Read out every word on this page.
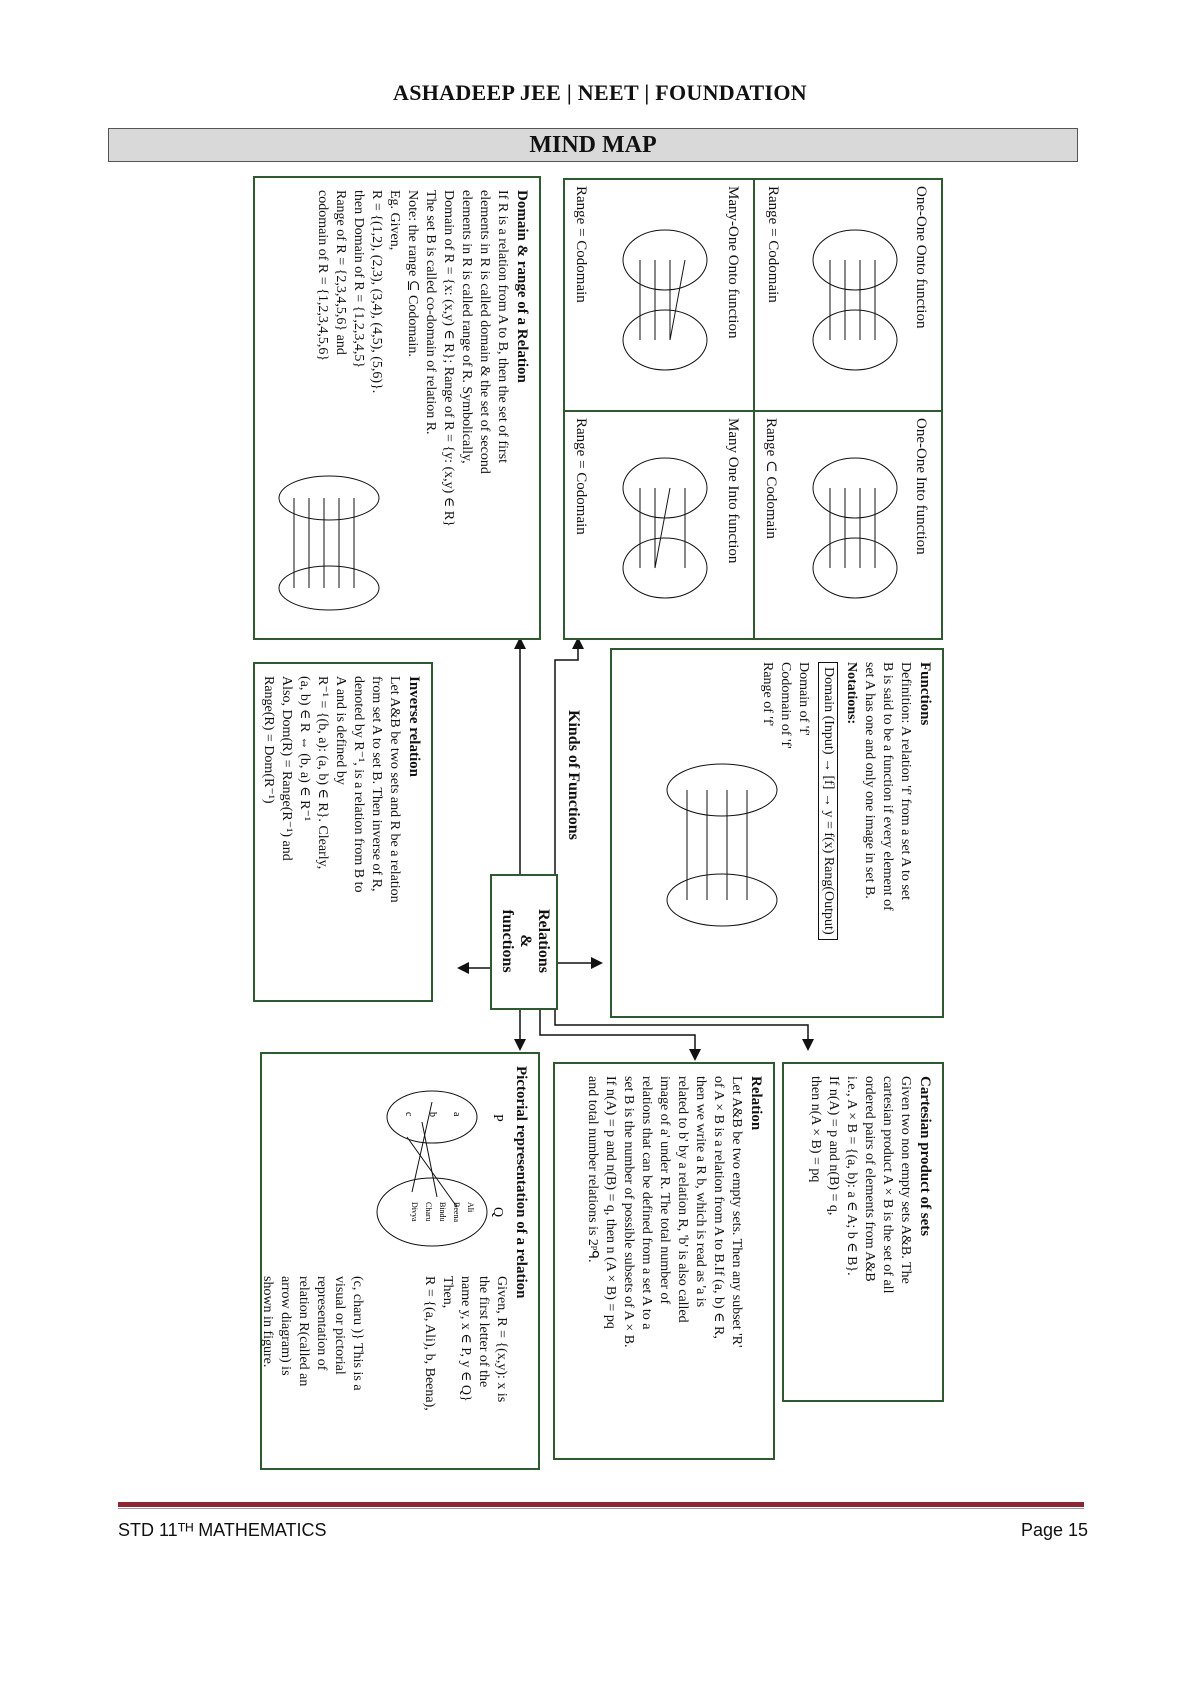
ASHADEEP JEE | NEET | FOUNDATION
MIND MAP
One-One Onto function
Range = Codomain
One-One Into function
Range ⊂ Codomain
Many-One Onto function
Range = Codomain
Many One Into function
Range = Codomain
Domain & range of a Relation

If R is a relation from A to B, then the set of first

elements in R is called domain & the set of second

elements in R is called range of R. Symbolically,

Domain of R = {x: (x,y) ∈ R}; Range of R = {y: (x,y) ∈ R}

The set B is called co-domain of relation R.

Note: the range ⊆ Codomain.

Eg. Given,

R = {(1,2), (2,3), (3,4), (4,5), (5,6)}.

then Domain of R = {1,2,3,4,5}

Range of R = {2,3,4,5,6} and

codomain of R = {1,2,3,4,5,6}

Functions

Definition: A relation 'f' from a set A to set

B is said to be a function if every element of

set A has one and only one image in set B.

Notations:

Domain (Input) → [f] → y = f(x) Rang(Output)

Domain of 'f'

Codomain of 'f'

Range of 'f'

Relations

&

functions

Kinds of Functions
Inverse relation

Let A&B be two sets and R be a relation

from set A to set B. Then inverse of R,

denoted by R⁻¹, is a relation from B to

A and is defined by

R⁻¹ = {(b, a): (a, b) ∈ R}. Clearly,

(a, b) ∈ R ⇔ (b, a) ∈ R⁻¹

Also, Dom(R) = Range(R⁻¹) and

Range(R) = Dom(R⁻¹)

Cartesian product of sets

Given two non empty sets A&B. The

cartesian product A × B is the set of all

ordered pairs of elements from A&B

i.e., A × B = {(a, b): a ∈ A; b ∈ B}.

If n(A) = p and n(B) = q,

then n(A × B) = pq

Relation

Let A&B be two empty sets. Then any subset 'R'

of A × B is a relation from A to B.If (a, b) ∈ R,

then we write a R b, which is read as 'a is

related to b' by a relation R, 'b' is also called

image of a' under R. The total number of

relations that can be defined from a set A to a

set B is the number of possible subsets of A × B.

If n(A) = p and n(B) = q, then n (A × B) = pq

and total number relations is 2ᵖᑫ.

Pictorial representation of a relation

Given, R = {(x,y): x is

the first letter of the

name y, x ∈ P, y ∈ Q}

Then,

R = {(a, Ali), b, Beena),

(c, charu )} This is a

visual or pictorial

representation of

relation R(called an

arrow diagram) is

shown in figure.

P
Q
a
b
c
Ali
Beena
Bindu
Charu
Divya
STD 11ᵀᴴ MATHEMATICS	Page 15
